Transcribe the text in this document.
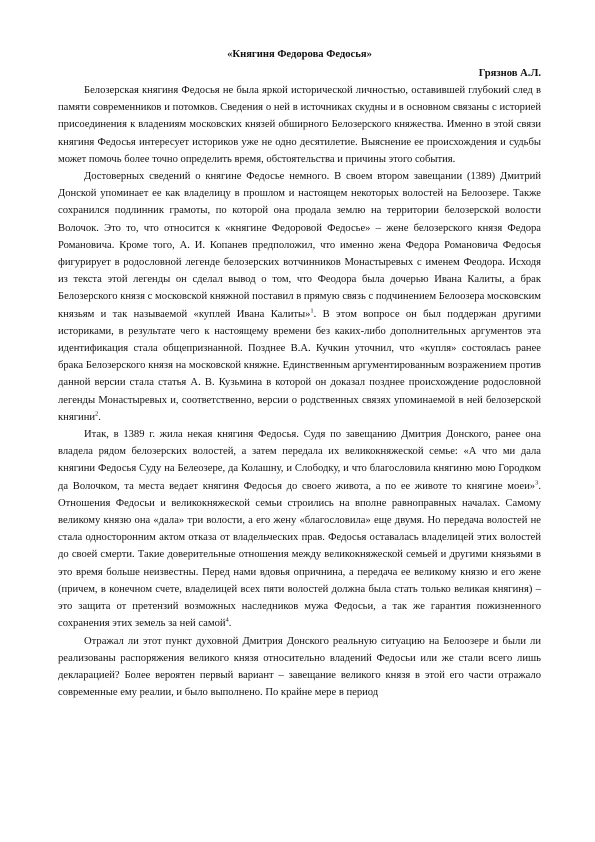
«Княгиня Федорова Федосья»
Грязнов А.Л.

Белозерская княгиня Федосья не была яркой исторической личностью, оставившей глубокий след в памяти современников и потомков. Сведения о ней в источниках скудны и в основном связаны с историей присоединения к владениям московских князей обширного Белозерского княжества. Именно в этой связи княгиня Федосья интересует историков уже не одно десятилетие. Выяснение ее происхождения и судьбы может помочь более точно определить время, обстоятельства и причины этого события.

Достоверных сведений о княгине Федосье немного. В своем втором завещании (1389) Дмитрий Донской упоминает ее как владелицу в прошлом и настоящем некоторых волостей на Белоозере. Также сохранился подлинник грамоты, по которой она продала землю на территории белозерской волости Волочок. Это то, что относится к «княгине Федоровой Федосье» – жене белозерского князя Федора Романовича. Кроме того, А. И. Копанев предположил, что именно жена Федора Романовича Федосья фигурирует в родословной легенде белозерских вотчинников Монастыревых с именем Феодора. Исходя из текста этой легенды он сделал вывод о том, что Феодора была дочерью Ивана Калиты, а брак Белозерского князя с московской княжной поставил в прямую связь с подчинением Белоозера московским князьям и так называемой «куплей Ивана Калиты»$^1$. В этом вопросе он был поддержан другими историками, в результате чего к настоящему времени без каких-либо дополнительных аргументов эта идентификация стала общепризнанной. Позднее В.А. Кучкин уточнил, что «купля» состоялась ранее брака Белозерского князя на московской княжне. Единственным аргументированным возражением против данной версии стала статья А. В. Кузьмина в которой он доказал позднее происхождение родословной легенды Монастыревых и, соответственно, версии о родственных связях упоминаемой в ней белозерской княгини$^2$.

Итак, в 1389 г. жила некая княгиня Федосья. Судя по завещанию Дмитрия Донского, ранее она владела рядом белозерских волостей, а затем передала их великокняжеской семье: «А что ми дала княгини Федосья Суду на Белеозере, да Колашну, и Слободку, и что благословила княгиню мою Городком да Волочком, та места ведает княгиня Федосья до своего живота, а по ее животе то княгине моеи»$^3$. Отношения Федосьи и великокняжеской семьи строились на вполне равноправных началах. Самому великому князю она «дала» три волости, а его жену «благословила» еще двумя. Но передача волостей не стала односторонним актом отказа от владельческих прав. Федосья оставалась владелицей этих волостей до своей смерти. Такие доверительные отношения между великокняжеской семьей и другими князьями в это время больше неизвестны. Перед нами вдовья опричнина, а передача ее великому князю и его жене (причем, в конечном счете, владелицей всех пяти волостей должна была стать только великая княгиня) – это защита от претензий возможных наследников мужа Федосьи, а так же гарантия пожизненного сохранения этих земель за ней самой$^4$.

Отражал ли этот пункт духовной Дмитрия Донского реальную ситуацию на Белоозере и были ли реализованы распоряжения великого князя относительно владений Федосьи или же стали всего лишь декларацией? Более вероятен первый вариант – завещание великого князя в этой его части отражало современные ему реалии, и было выполнено. По крайне мере в период
